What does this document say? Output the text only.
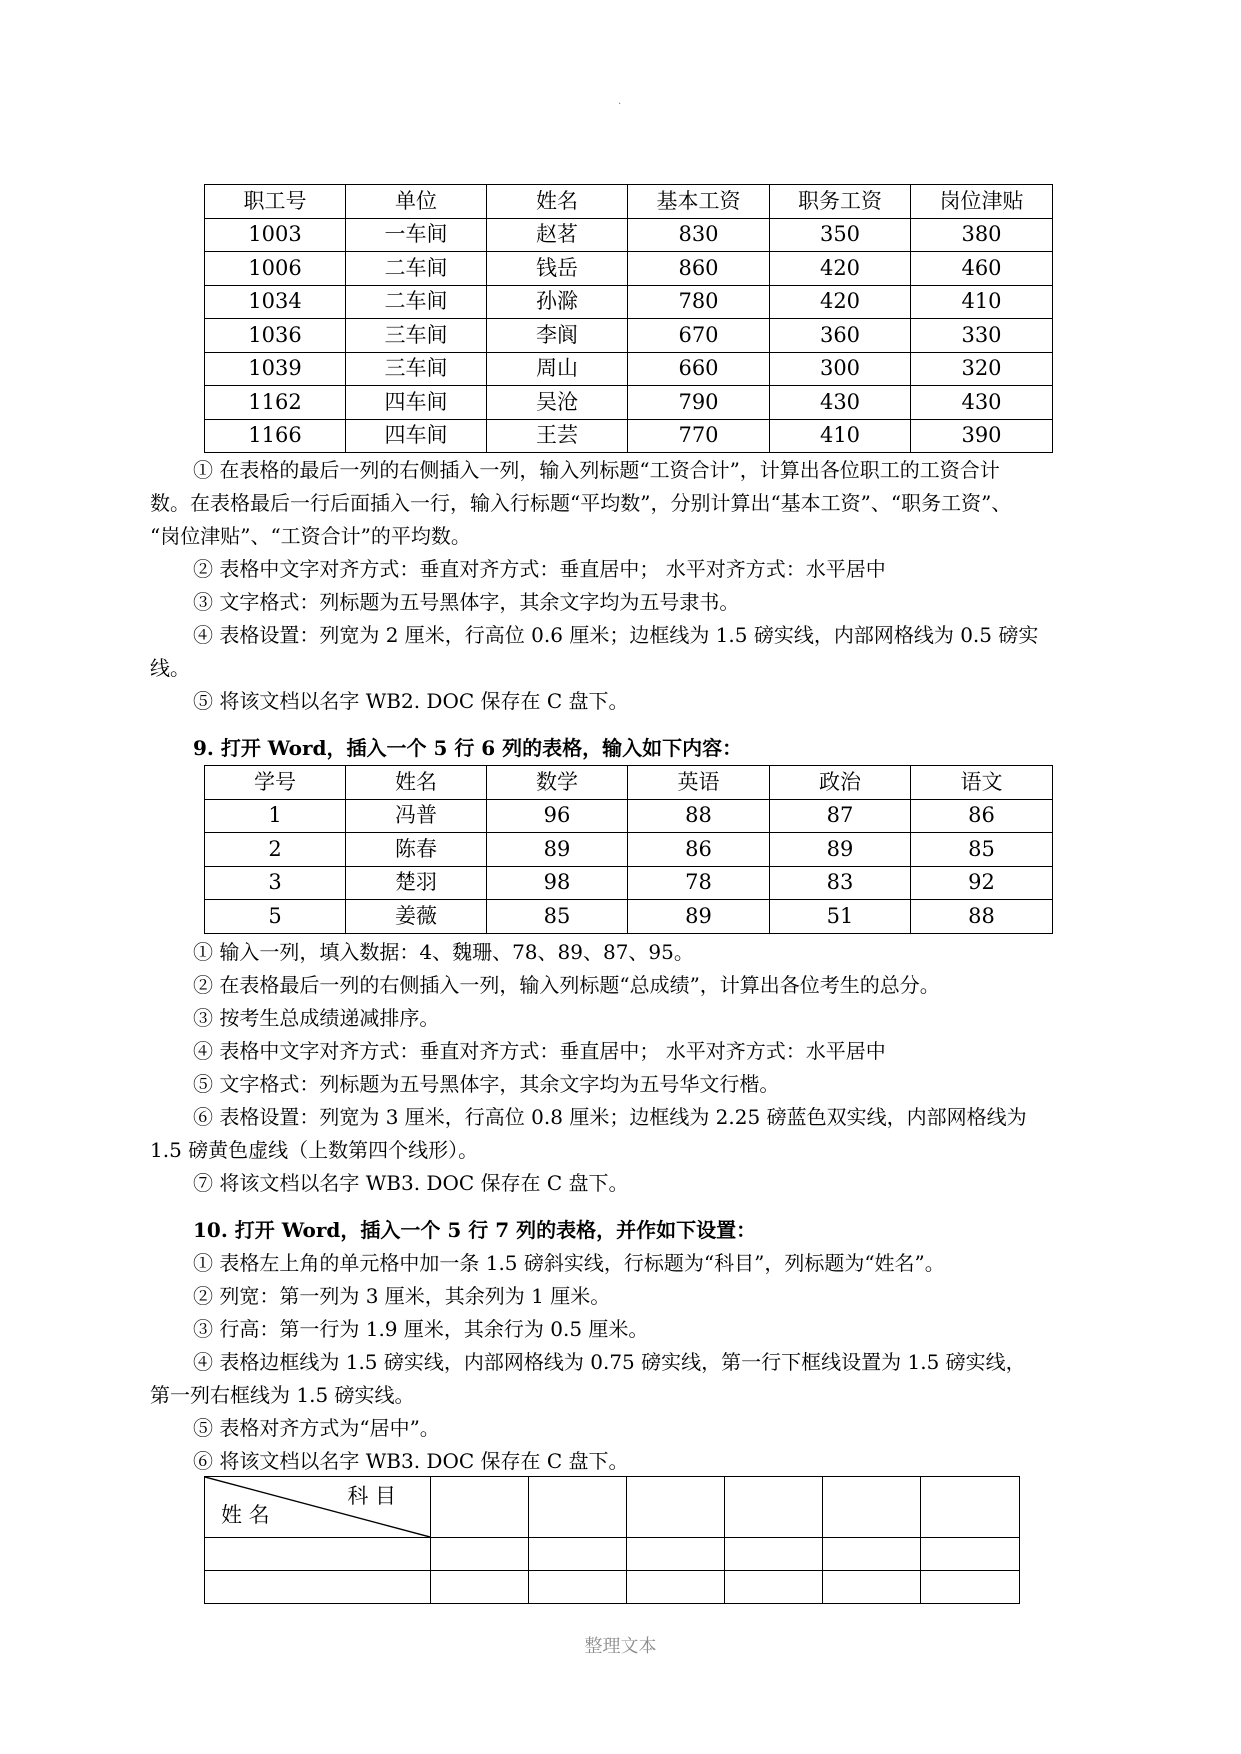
.
职工号	单位	姓名	基本工资	职务工资	岗位津贴
1003	一车间	赵茗	830	350	380
1006	二车间	钱岳	860	420	460
1034	二车间	孙滁	780	420	410
1036	三车间	李阆	670	360	330
1039	三车间	周山	660	300	320
1162	四车间	吴沧	790	430	430
1166	四车间	王芸	770	410	390
① 在表格的最后一列的右侧插入一列，输入列标题“工资合计”，计算出各位职工的工资合计
数。在表格最后一行后面插入一行，输入行标题“平均数”，分别计算出“基本工资”、“职务工资”、
“岗位津贴”、“工资合计”的平均数。
② 表格中文字对齐方式：垂直对齐方式：垂直居中； 水平对齐方式：水平居中
③ 文字格式：列标题为五号黑体字，其余文字均为五号隶书。
④ 表格设置：列宽为 2 厘米，行高位 0.6 厘米；边框线为 1.5 磅实线，内部网格线为 0.5 磅实
线。
⑤ 将该文档以名字 WB2. DOC 保存在 C 盘下。
9. 打开 Word，插入一个 5 行 6 列的表格，输入如下内容：
学号	姓名	数学	英语	政治	语文
1	冯普	96	88	87	86
2	陈春	89	86	89	85
3	楚羽	98	78	83	92
5	姜薇	85	89	51	88
① 输入一列，填入数据：4、魏珊、78、89、87、95。
② 在表格最后一列的右侧插入一列，输入列标题“总成绩”，计算出各位考生的总分。
③ 按考生总成绩递减排序。
④ 表格中文字对齐方式：垂直对齐方式：垂直居中； 水平对齐方式：水平居中
⑤ 文字格式：列标题为五号黑体字，其余文字均为五号华文行楷。
⑥ 表格设置：列宽为 3 厘米，行高位 0.8 厘米；边框线为 2.25 磅蓝色双实线，内部网格线为
1.5 磅黄色虚线（上数第四个线形）。
⑦ 将该文档以名字 WB3. DOC 保存在 C 盘下。
10. 打开 Word，插入一个 5 行 7 列的表格，并作如下设置：
① 表格左上角的单元格中加一条 1.5 磅斜实线，行标题为“科目”，列标题为“姓名”。
② 列宽：第一列为 3 厘米，其余列为 1 厘米。
③ 行高：第一行为 1.9 厘米，其余行为 0.5 厘米。
④ 表格边框线为 1.5 磅实线，内部网格线为 0.75 磅实线，第一行下框线设置为 1.5 磅实线，
第一列右框线为 1.5 磅实线。
⑤ 表格对齐方式为“居中”。
⑥ 将该文档以名字 WB3. DOC 保存在 C 盘下。
科 目
姓 名						

整理文本
